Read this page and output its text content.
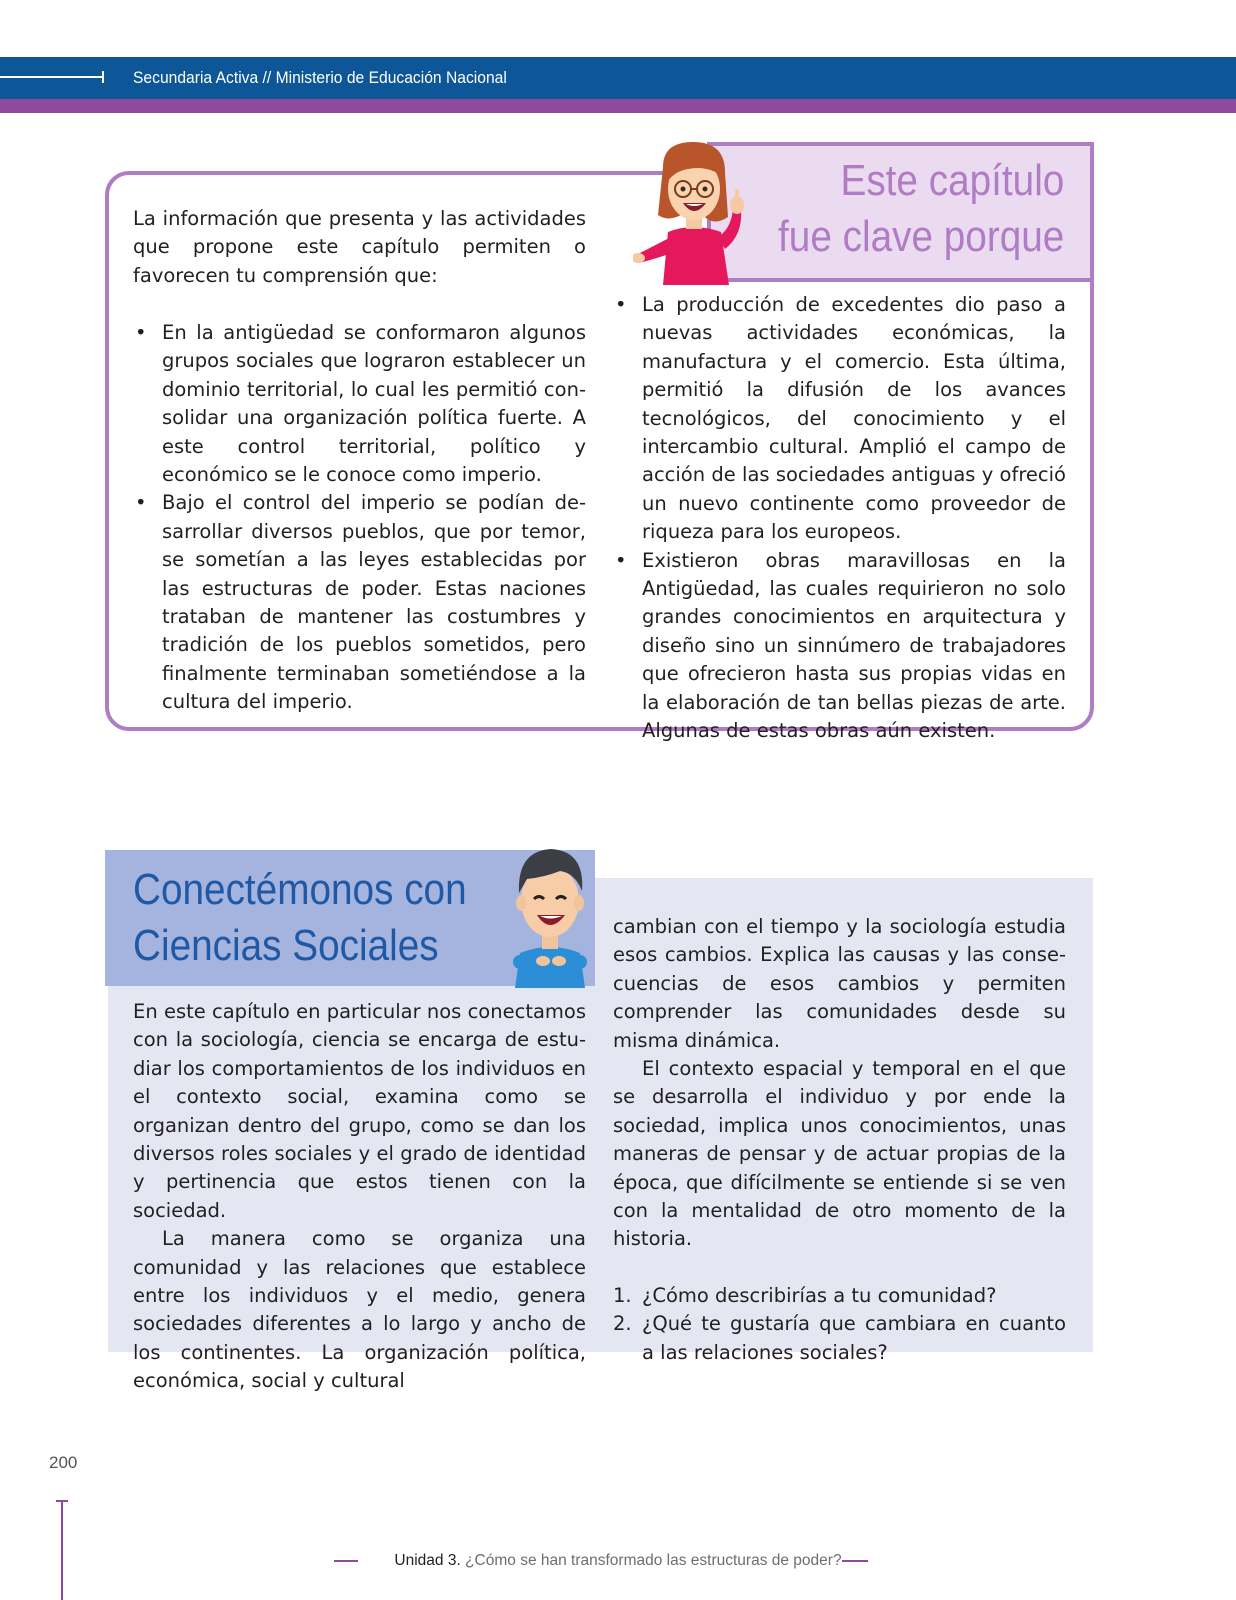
Secundaria Activa // Ministerio de Educación Nacional
Este capítulo
fue clave porque

La información que presenta y las actividades que propone este capítulo permiten o favorecen tu comprensión que:

• En la antigüedad se conformaron algunos grupos sociales que lograron establecer un dominio territorial, lo cual les permitió consolidar una organización política fuerte. A este control territorial, político y económico se le conoce como imperio.
• Bajo el control del imperio se podían desarrollar diversos pueblos, que por temor, se sometían a las leyes establecidas por las estructuras de poder. Estas naciones trataban de mantener las costumbres y tradición de los pueblos sometidos, pero finalmente terminaban sometiéndose a la cultura del imperio.
• La producción de excedentes dio paso a nuevas actividades económicas, la manufactura y el comercio. Esta última, permitió la difusión de los avances tecnológicos, del conocimiento y el intercambio cultural. Amplió el campo de acción de las sociedades antiguas y ofreció un nuevo continente como proveedor de riqueza para los europeos.
• Existieron obras maravillosas en la Antigüedad, las cuales requirieron no solo grandes conocimientos en arquitectura y diseño sino un sinnúmero de trabajadores que ofrecieron hasta sus propias vidas en la elaboración de tan bellas piezas de arte. Algunas de estas obras aún existen.
Conectémonos con
Ciencias Sociales

En este capítulo en particular nos conectamos con la sociología, ciencia se encarga de estudiar los comportamientos de los individuos en el contexto social, examina como se organizan dentro del grupo, como se dan los diversos roles sociales y el grado de identidad y pertinencia que estos tienen con la sociedad.

La manera como se organiza una comunidad y las relaciones que establece entre los individuos y el medio, genera sociedades diferentes a lo largo y ancho de los continentes. La organización política, económica, social y cultural

cambian con el tiempo y la sociología estudia esos cambios. Explica las causas y las consecuencias de esos cambios y permiten comprender las comunidades desde su misma dinámica.

El contexto espacial y temporal en el que se desarrolla el individuo y por ende la sociedad, implica unos conocimientos, unas maneras de pensar y de actuar propias de la época, que difícilmente se entiende si se ven con la mentalidad de otro momento de la historia.

1. ¿Cómo describirías a tu comunidad?
2. ¿Qué te gustaría que cambiara en cuanto a las relaciones sociales?
200
Unidad 3. ¿Cómo se han transformado las estructuras de poder?
